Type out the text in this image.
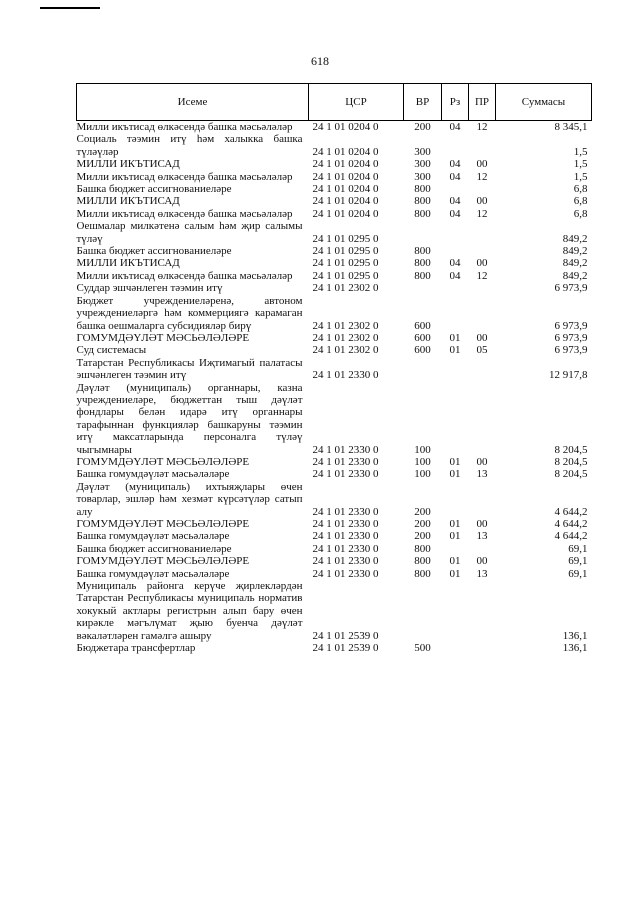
618
Исеме	ЦСР	ВР	Рз	ПР	Суммасы
Милли икътисад өлкәсендә башка мәсьәләләр	24 1 01 0204 0	200	04	12	8 345,1
Социаль тәэмин итү һәм халыкка башка түләүләр	24 1 01 0204 0	300			1,5
МИЛЛИ ИКЪТИСАД	24 1 01 0204 0	300	04	00	1,5
Милли икътисад өлкәсендә башка мәсьәләләр	24 1 01 0204 0	300	04	12	1,5
Башка бюджет ассигнованиеләре	24 1 01 0204 0	800			6,8
МИЛЛИ ИКЪТИСАД	24 1 01 0204 0	800	04	00	6,8
Милли икътисад өлкәсендә башка мәсьәләләр	24 1 01 0204 0	800	04	12	6,8
Оешмалар милкәтенә салым һәм җир салымы түләү	24 1 01 0295 0				849,2
Башка бюджет ассигнованиеләре	24 1 01 0295 0	800			849,2
МИЛЛИ ИКЪТИСАД	24 1 01 0295 0	800	04	00	849,2
Милли икътисад өлкәсендә башка мәсьәләләр	24 1 01 0295 0	800	04	12	849,2
Суддар эшчәнлеген тәэмин итү	24 1 01 2302 0				6 973,9
Бюджет учреждениеләренә, автоном учреждениеләргә һәм коммерциягә карамаган башка оешмаларга субсидияләр бирү	24 1 01 2302 0	600			6 973,9
ГОМУМДӘҮЛӘТ МӘСЬӘЛӘЛӘРЕ	24 1 01 2302 0	600	01	00	6 973,9
Суд системасы	24 1 01 2302 0	600	01	05	6 973,9
Татарстан Республикасы Иҗтимагый палатасы эшчәнлеген тәэмин итү	24 1 01 2330 0				12 917,8
Дәүләт (муниципаль) органнары, казна учреждениеләре, бюджеттан тыш дәүләт фондлары белән идарә итү органнары тарафыннан функцияләр башкаруны тәэмин итү максатларында персоналга түләү чыгымнары	24 1 01 2330 0	100			8 204,5
ГОМУМДӘҮЛӘТ МӘСЬӘЛӘЛӘРЕ	24 1 01 2330 0	100	01	00	8 204,5
Башка гомумдәүләт мәсьәләләре	24 1 01 2330 0	100	01	13	8 204,5
Дәүләт (муниципаль) ихтыяҗлары өчен товарлар, эшләр һәм хезмәт күрсәтүләр сатып алу	24 1 01 2330 0	200			4 644,2
ГОМУМДӘҮЛӘТ МӘСЬӘЛӘЛӘРЕ	24 1 01 2330 0	200	01	00	4 644,2
Башка гомумдәүләт мәсьәләләре	24 1 01 2330 0	200	01	13	4 644,2
Башка бюджет ассигнованиеләре	24 1 01 2330 0	800			69,1
ГОМУМДӘҮЛӘТ МӘСЬӘЛӘЛӘРЕ	24 1 01 2330 0	800	01	00	69,1
Башка гомумдәүләт мәсьәләләре	24 1 01 2330 0	800	01	13	69,1
Муниципаль районга керүче җирлекләрдән Татарстан Республикасы муниципаль норматив хокукый актлары регистрын алып бару өчен кирәкле мәгълүмат җыю буенча дәүләт вәкаләтләрен гамәлгә ашыру	24 1 01 2539 0				136,1
Бюджетара трансфертлар	24 1 01 2539 0	500			136,1
